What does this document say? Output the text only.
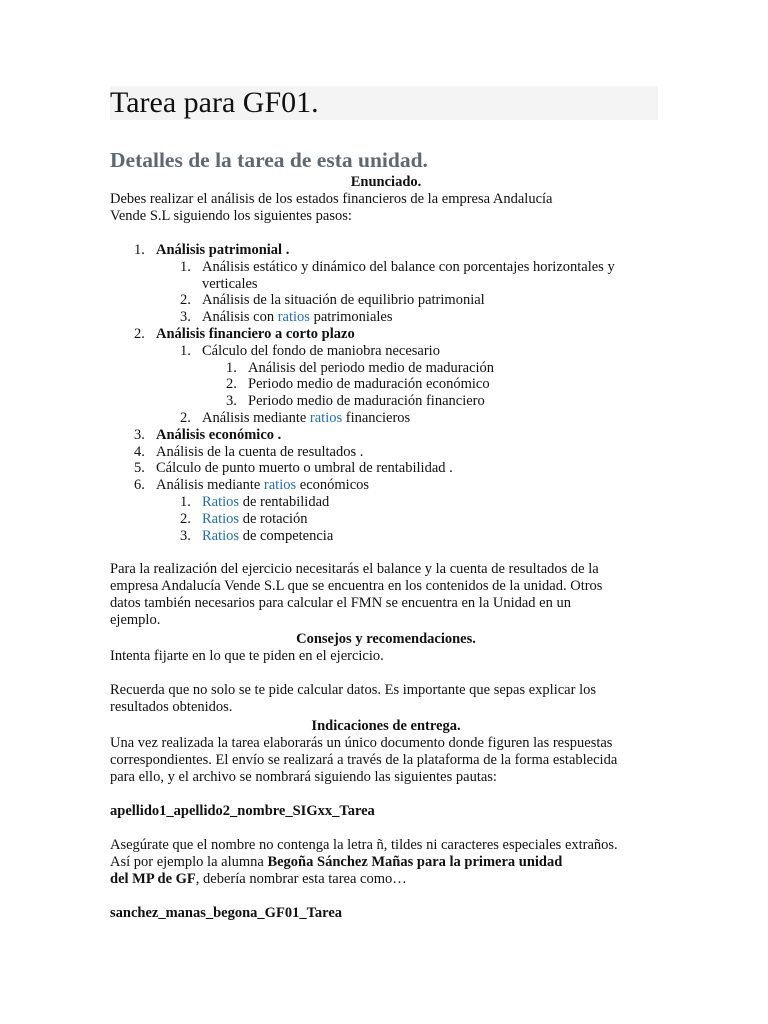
Tarea para GF01.
Detalles de la tarea de esta unidad.

Enunciado.

Debes realizar el análisis de los estados financieros de la empresa Andalucía

Vende S.L siguiendo los siguientes pasos:

1. Análisis patrimonial .
1. Análisis estático y dinámico del balance con porcentajes horizontales y
verticales
2. Análisis de la situación de equilibrio patrimonial
3. Análisis con ratios patrimoniales
2. Análisis financiero a corto plazo
1. Cálculo del fondo de maniobra necesario
1. Análisis del periodo medio de maduración
2. Periodo medio de maduración económico
3. Periodo medio de maduración financiero
2. Análisis mediante ratios financieros
3. Análisis económico .
4. Análisis de la cuenta de resultados .
5. Cálculo de punto muerto o umbral de rentabilidad .
6. Análisis mediante ratios económicos
1. Ratios de rentabilidad
2. Ratios de rotación
3. Ratios de competencia

Para la realización del ejercicio necesitarás el balance y la cuenta de resultados de la

empresa Andalucía Vende S.L que se encuentra en los contenidos de la unidad. Otros

datos también necesarios para calcular el FMN se encuentra en la Unidad en un

ejemplo.

Consejos y recomendaciones.

Intenta fijarte en lo que te piden en el ejercicio.

Recuerda que no solo se te pide calcular datos. Es importante que sepas explicar los

resultados obtenidos.

Indicaciones de entrega.

Una vez realizada la tarea elaborarás un único documento donde figuren las respuestas

correspondientes. El envío se realizará a través de la plataforma de la forma establecida

para ello, y el archivo se nombrará siguiendo las siguientes pautas:

apellido1_apellido2_nombre_SIGxx_Tarea

Asegúrate que el nombre no contenga la letra ñ, tildes ni caracteres especiales extraños.

Así por ejemplo la alumna Begoña Sánchez Mañas para la primera unidad

del MP de GF, debería nombrar esta tarea como…

sanchez_manas_begona_GF01_Tarea
